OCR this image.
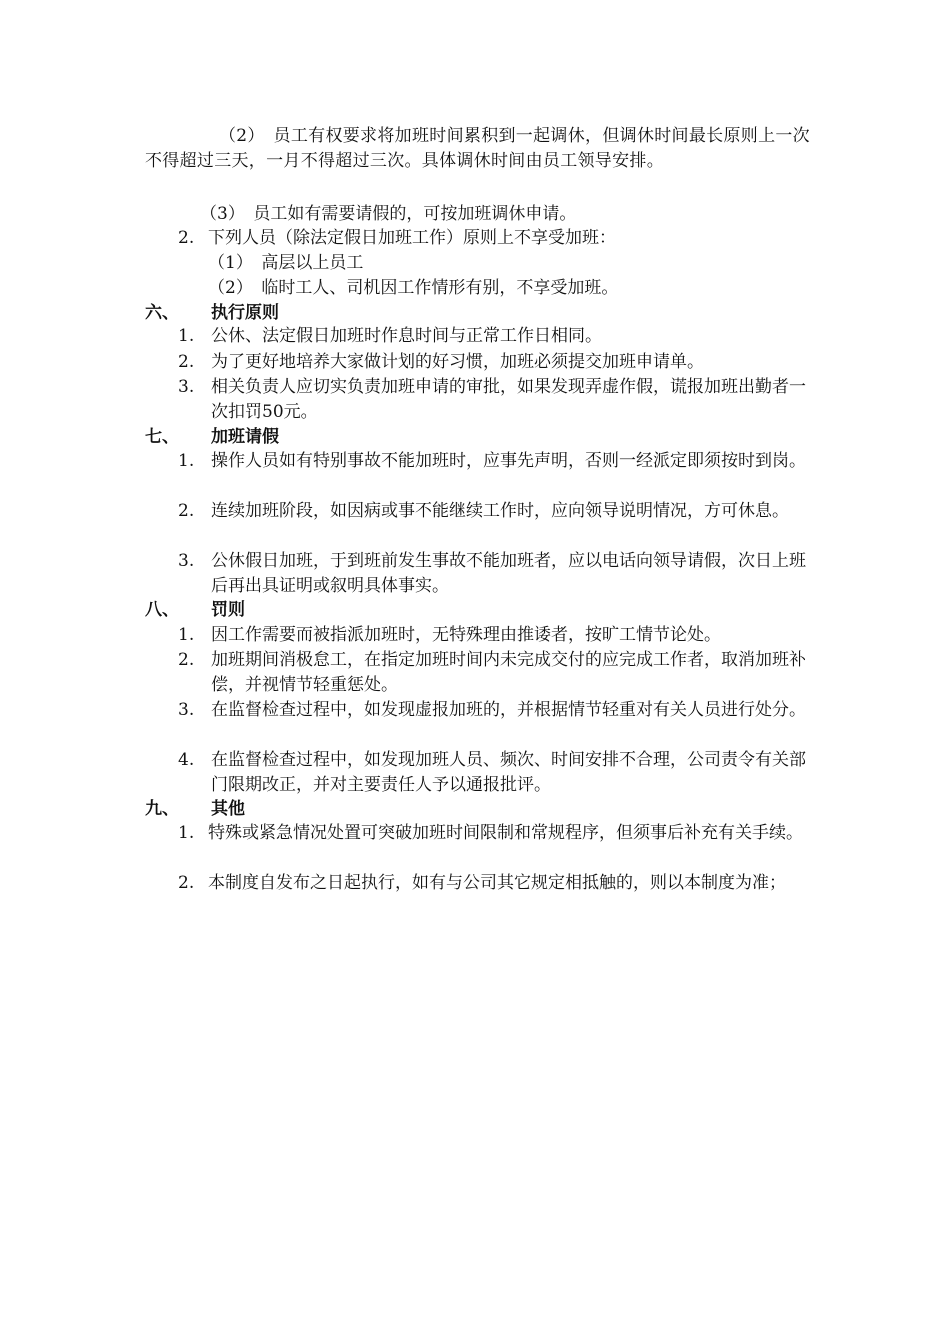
（2）　员工有权要求将加班时间累积到一起调休，但调休时间最长原则上一次不得超过三天，一月不得超过三次。具体调休时间由员工领导安排。
（3）　员工如有需要请假的，可按加班调休申请。
2. 下列人员（除法定假日加班工作）原则上不享受加班：
（1）　高层以上员工
（2）　临时工人、司机因工作情形有别，不享受加班。
六、 执行原则
1. 公休、法定假日加班时作息时间与正常工作日相同。
2. 为了更好地培养大家做计划的好习惯，加班必须提交加班申请单。
3. 相关负责人应切实负责加班申请的审批，如果发现弄虚作假，谎报加班出勤者一次扣罚50元。
七、 加班请假
1. 操作人员如有特别事故不能加班时，应事先声明，否则一经派定即须按时到岗。
2. 连续加班阶段，如因病或事不能继续工作时，应向领导说明情况，方可休息。
3. 公休假日加班，于到班前发生事故不能加班者，应以电话向领导请假，次日上班后再出具证明或叙明具体事实。
八、 罚则
1. 因工作需要而被指派加班时，无特殊理由推诿者，按旷工情节论处。
2. 加班期间消极怠工，在指定加班时间内未完成交付的应完成工作者，取消加班补偿，并视情节轻重惩处。
3. 在监督检查过程中，如发现虚报加班的，并根据情节轻重对有关人员进行处分。
4. 在监督检查过程中，如发现加班人员、频次、时间安排不合理，公司责令有关部门限期改正，并对主要责任人予以通报批评。
九、 其他
1. 特殊或紧急情况处置可突破加班时间限制和常规程序，但须事后补充有关手续。
2. 本制度自发布之日起执行，如有与公司其它规定相抵触的，则以本制度为准；
